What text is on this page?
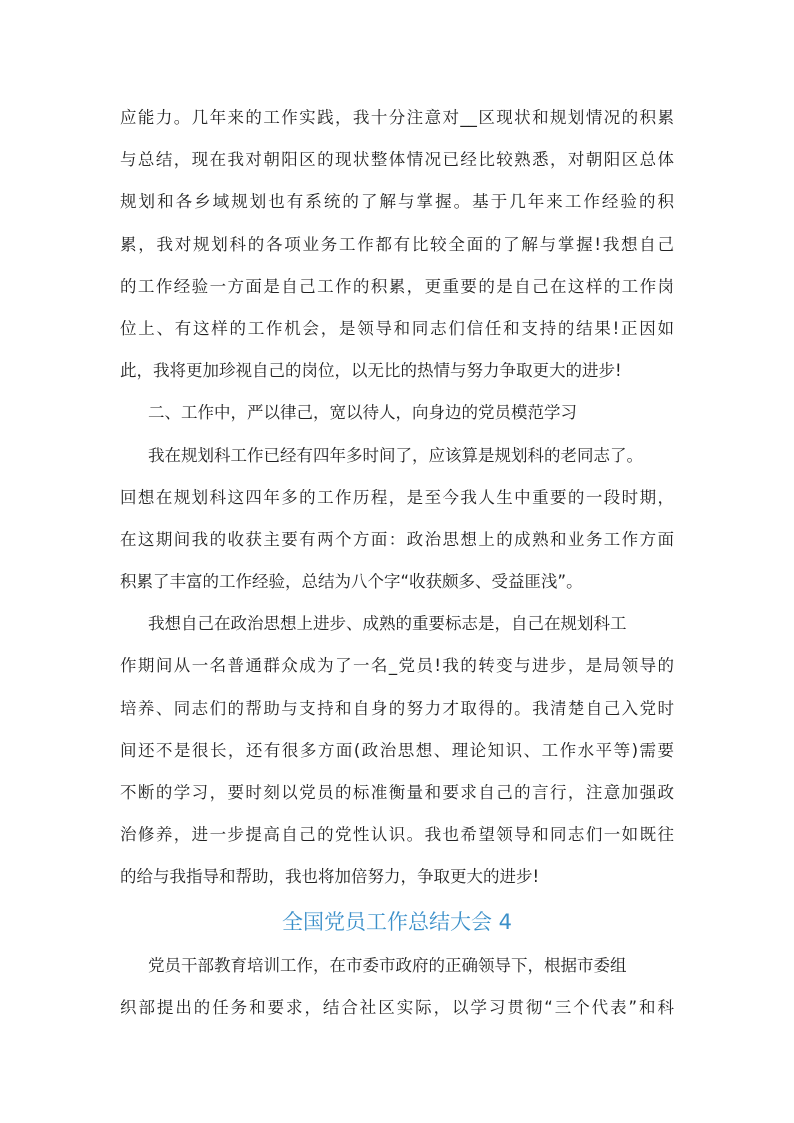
应能力。几年来的工作实践，我十分注意对__区现状和规划情况的积累
与总结，现在我对朝阳区的现状整体情况已经比较熟悉，对朝阳区总体
规划和各乡域规划也有系统的了解与掌握。基于几年来工作经验的积
累，我对规划科的各项业务工作都有比较全面的了解与掌握!我想自己
的工作经验一方面是自己工作的积累，更重要的是自己在这样的工作岗
位上、有这样的工作机会，是领导和同志们信任和支持的结果!正因如
此，我将更加珍视自己的岗位，以无比的热情与努力争取更大的进步!
二、工作中，严以律己，宽以待人，向身边的党员模范学习
我在规划科工作已经有四年多时间了，应该算是规划科的老同志了。
回想在规划科这四年多的工作历程，是至今我人生中重要的一段时期，
在这期间我的收获主要有两个方面：政治思想上的成熟和业务工作方面
积累了丰富的工作经验，总结为八个字“收获颇多、受益匪浅”。
我想自己在政治思想上进步、成熟的重要标志是，自己在规划科工
作期间从一名普通群众成为了一名_党员!我的转变与进步，是局领导的
培养、同志们的帮助与支持和自身的努力才取得的。我清楚自己入党时
间还不是很长，还有很多方面(政治思想、理论知识、工作水平等)需要
不断的学习，要时刻以党员的标准衡量和要求自己的言行，注意加强政
治修养，进一步提高自己的党性认识。我也希望领导和同志们一如既往
的给与我指导和帮助，我也将加倍努力，争取更大的进步!
全国党员工作总结大会 4
党员干部教育培训工作，在市委市政府的正确领导下，根据市委组
织部提出的任务和要求，结合社区实际，以学习贯彻“三个代表”和科
